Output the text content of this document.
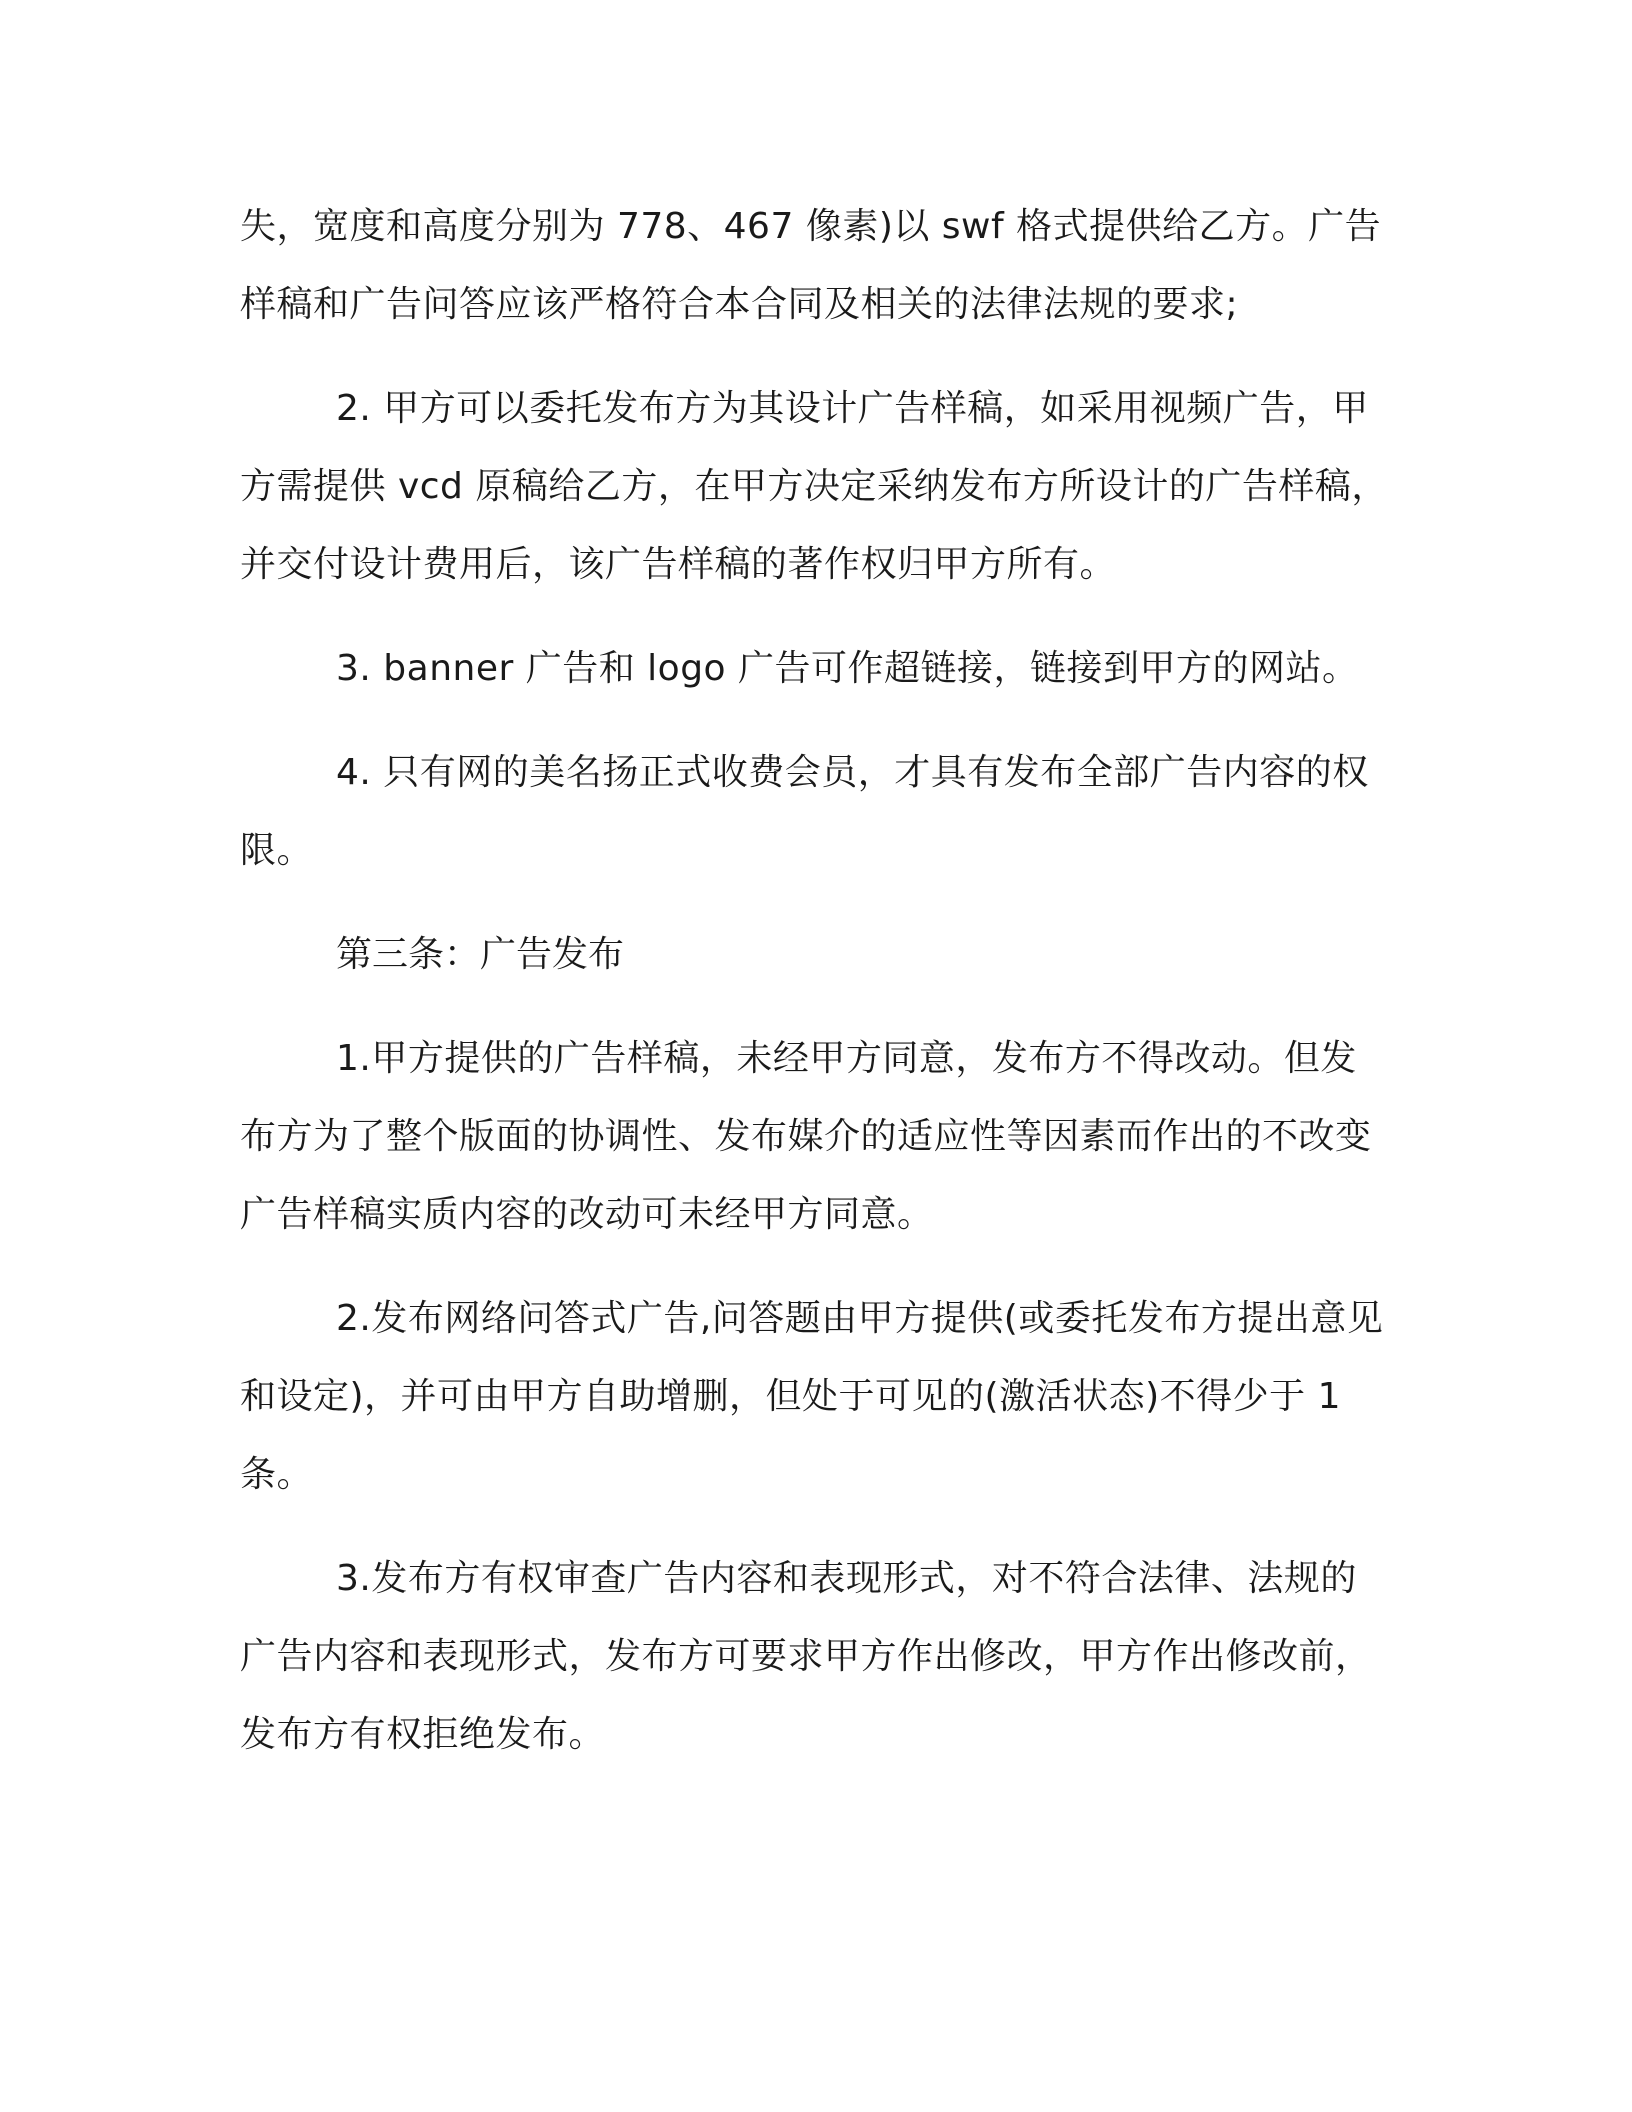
失，宽度和高度分别为 778、467 像素)以 swf 格式提供给乙方。广告样稿和广告问答应该严格符合本合同及相关的法律法规的要求;

2. 甲方可以委托发布方为其设计广告样稿，如采用视频广告，甲方需提供 vcd 原稿给乙方，在甲方决定采纳发布方所设计的广告样稿，并交付设计费用后，该广告样稿的著作权归甲方所有。

3. banner 广告和 logo 广告可作超链接，链接到甲方的网站。

4. 只有网的美名扬正式收费会员，才具有发布全部广告内容的权限。

第三条：广告发布

1.甲方提供的广告样稿，未经甲方同意，发布方不得改动。但发布方为了整个版面的协调性、发布媒介的适应性等因素而作出的不改变广告样稿实质内容的改动可未经甲方同意。

2.发布网络问答式广告,问答题由甲方提供(或委托发布方提出意见和设定)，并可由甲方自助增删，但处于可见的(激活状态)不得少于 1 条。

3.发布方有权审查广告内容和表现形式，对不符合法律、法规的广告内容和表现形式，发布方可要求甲方作出修改，甲方作出修改前，发布方有权拒绝发布。
